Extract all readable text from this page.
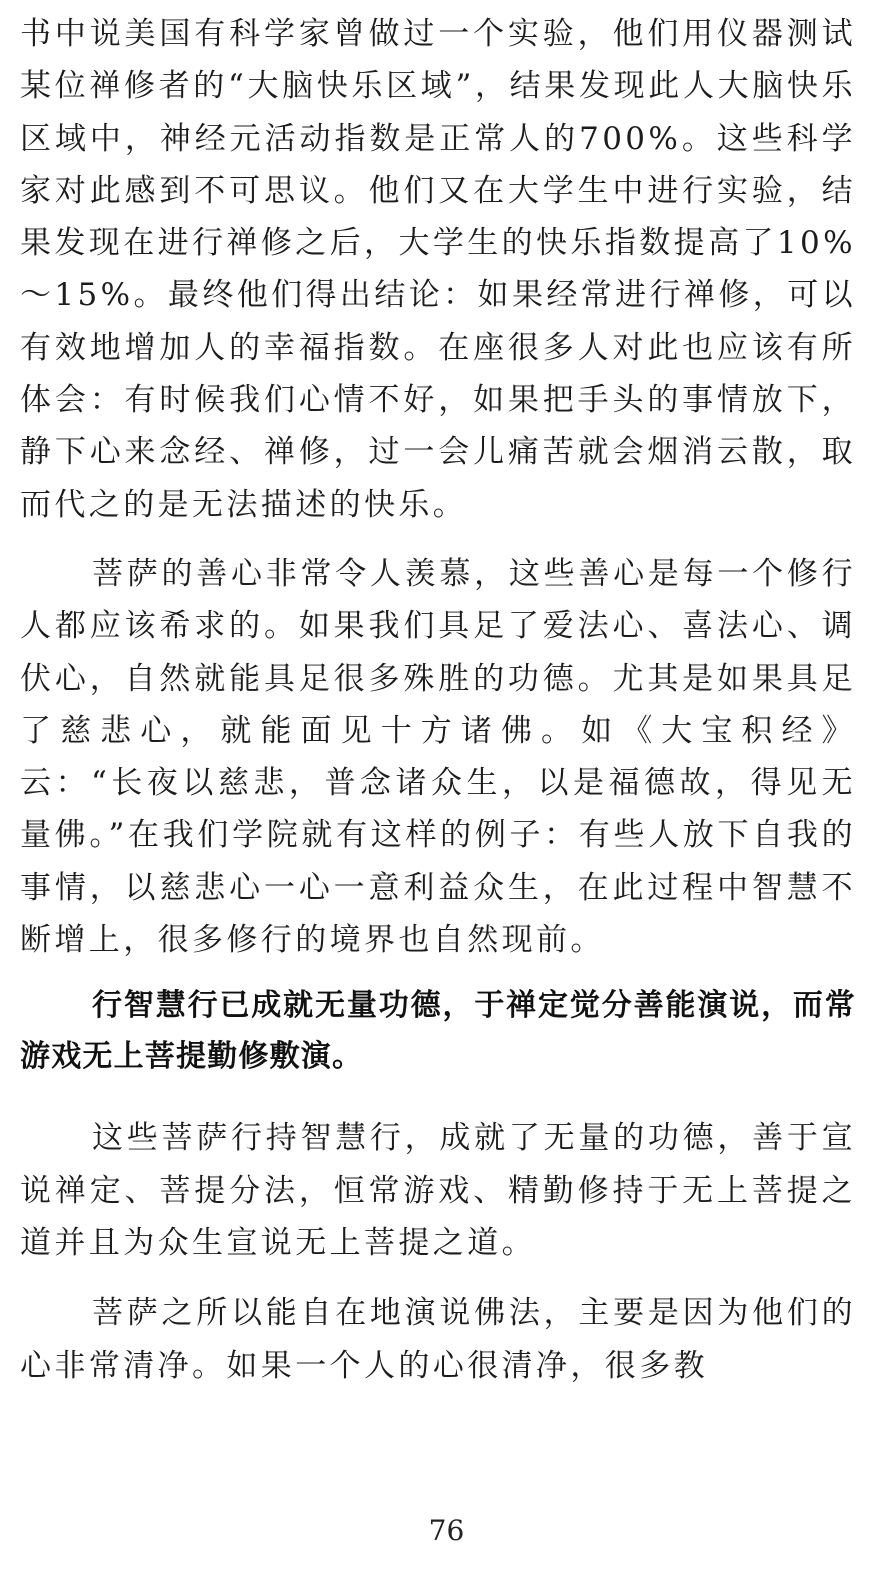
书中说美国有科学家曾做过一个实验，他们用仪器测试某位禅修者的“大脑快乐区域”，结果发现此人大脑快乐区域中，神经元活动指数是正常人的700%。这些科学家对此感到不可思议。他们又在大学生中进行实验，结果发现在进行禅修之后，大学生的快乐指数提高了10%～15%。最终他们得出结论：如果经常进行禅修，可以有效地增加人的幸福指数。在座很多人对此也应该有所体会：有时候我们心情不好，如果把手头的事情放下，静下心来念经、禅修，过一会儿痛苦就会烟消云散，取而代之的是无法描述的快乐。

菩萨的善心非常令人羡慕，这些善心是每一个修行人都应该希求的。如果我们具足了爱法心、喜法心、调伏心，自然就能具足很多殊胜的功德。尤其是如果具足了慈悲心，就能面见十方诸佛。如《大宝积经》云：“长夜以慈悲，普念诸众生，以是福德故，得见无量佛。”在我们学院就有这样的例子：有些人放下自我的事情，以慈悲心一心一意利益众生，在此过程中智慧不断增上，很多修行的境界也自然现前。

行智慧行已成就无量功德，于禅定觉分善能演说，而常游戏无上菩提勤修敷演。

这些菩萨行持智慧行，成就了无量的功德，善于宣说禅定、菩提分法，恒常游戏、精勤修持于无上菩提之道并且为众生宣说无上菩提之道。

菩萨之所以能自在地演说佛法，主要是因为他们的心非常清净。如果一个人的心很清净，很多教

76
